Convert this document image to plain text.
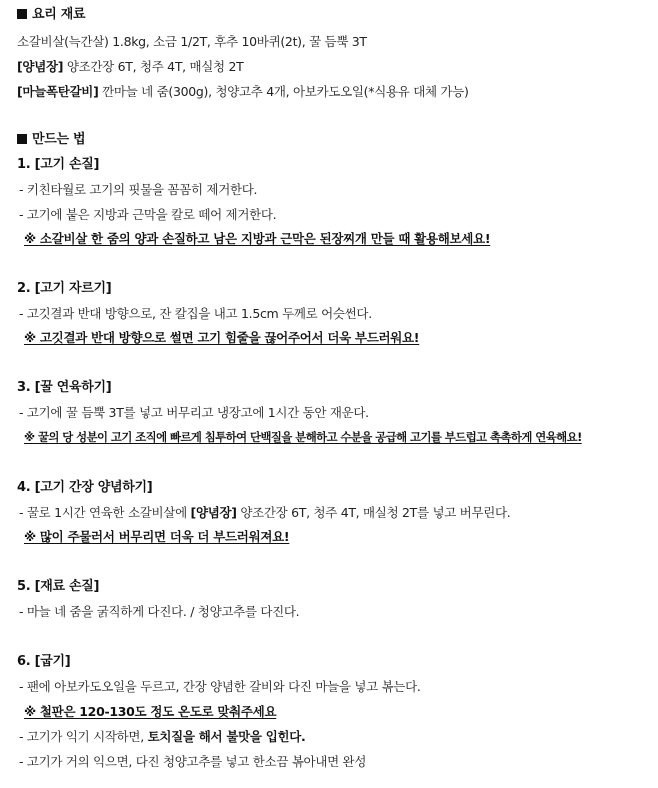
요리 재료
소갈비살(늑간살) 1.8kg, 소금 1/2T, 후추 10바퀴(2t), 꿀 듬뿍 3T
[양념장] 양조간장 6T, 청주 4T, 매실청 2T
[마늘폭탄갈비] 깐마늘 네 줌(300g), 청양고추 4개, 아보카도오일(*식용유 대체 가능)
만드는 법
1. [고기 손질]
- 키친타월로 고기의 핏물을 꼼꼼히 제거한다.
- 고기에 붙은 지방과 근막을 칼로 떼어 제거한다.
※ 소갈비살 한 줌의 양과 손질하고 남은 지방과 근막은 된장찌개 만들 때 활용해보세요!
2. [고기 자르기]
- 고깃결과 반대 방향으로, 잔 칼집을 내고 1.5cm 두께로 어슷썬다.
※ 고깃결과 반대 방향으로 썰면 고기 힘줄을 끊어주어서 더욱 부드러워요!
3. [꿀 연육하기]
- 고기에 꿀 듬뿍 3T를 넣고 버무리고 냉장고에 1시간 동안 재운다.
※ 꿀의 당 성분이 고기 조직에 빠르게 침투하여 단백질을 분해하고 수분을 공급해 고기를 부드럽고 촉촉하게 연육해요!
4. [고기 간장 양념하기]
- 꿀로 1시간 연육한 소갈비살에 [양념장] 양조간장 6T, 청주 4T, 매실청 2T를 넣고 버무린다.
※ 많이 주물러서 버무리면 더욱 더 부드러워져요!
5. [재료 손질]
- 마늘 네 줌을 굵직하게 다진다. / 청양고추를 다진다.
6. [굽기]
- 팬에 아보카도오일을 두르고, 간장 양념한 갈비와 다진 마늘을 넣고 볶는다.
※ 철판은 120-130도 정도 온도로 맞춰주세요
- 고기가 익기 시작하면, 토치질을 해서 불맛을 입힌다.
- 고기가 거의 익으면, 다진 청양고추를 넣고 한소끔 볶아내면 완성
